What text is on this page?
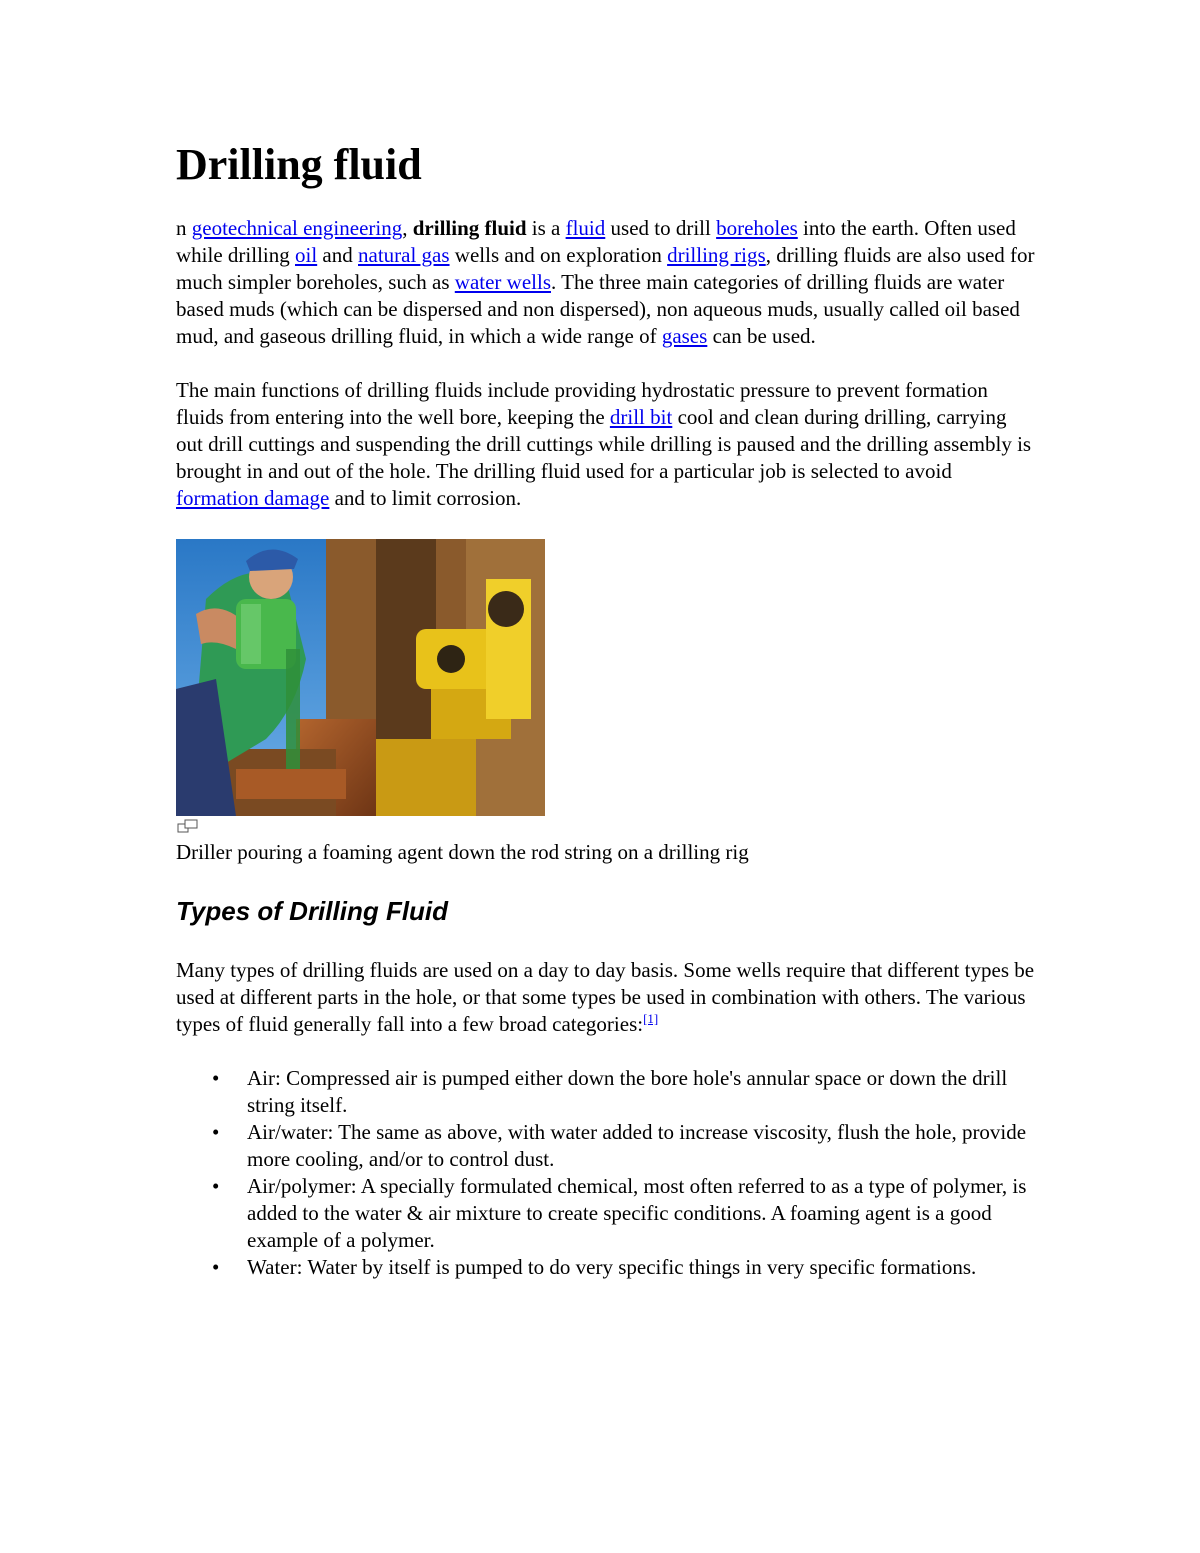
Drilling fluid

n geotechnical engineering, drilling fluid is a fluid used to drill boreholes into the earth. Often used while drilling oil and natural gas wells and on exploration drilling rigs, drilling fluids are also used for much simpler boreholes, such as water wells. The three main categories of drilling fluids are water based muds (which can be dispersed and non dispersed), non aqueous muds, usually called oil based mud, and gaseous drilling fluid, in which a wide range of gases can be used.

The main functions of drilling fluids include providing hydrostatic pressure to prevent formation fluids from entering into the well bore, keeping the drill bit cool and clean during drilling, carrying out drill cuttings and suspending the drill cuttings while drilling is paused and the drilling assembly is brought in and out of the hole. The drilling fluid used for a particular job is selected to avoid formation damage and to limit corrosion.

Driller pouring a foaming agent down the rod string on a drilling rig
Types of Drilling Fluid

Many types of drilling fluids are used on a day to day basis. Some wells require that different types be used at different parts in the hole, or that some types be used in combination with others. The various types of fluid generally fall into a few broad categories:[1]

• Air: Compressed air is pumped either down the bore hole's annular space or down the drill string itself.
• Air/water: The same as above, with water added to increase viscosity, flush the hole, provide more cooling, and/or to control dust.
• Air/polymer: A specially formulated chemical, most often referred to as a type of polymer, is added to the water & air mixture to create specific conditions. A foaming agent is a good example of a polymer.
• Water: Water by itself is pumped to do very specific things in very specific formations.
